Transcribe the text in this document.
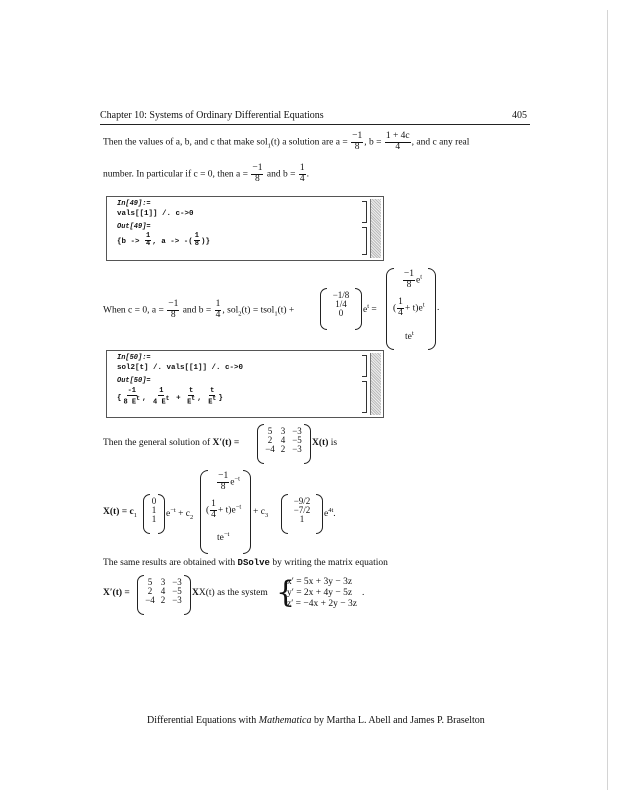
Chapter 10: Systems of Ordinary Differential Equations	405
Then the values of a, b, and c that make sol$_1$(t) a solution are $a = \frac{-1}{8}$ , $b = \frac{1 + 4c}{4}$ , and c any real
number. In particular if c = 0, then $a = \frac{-1}{8}$ and $b = \frac{1}{4}$ .
In[49]:=
vals[[1]] /. c->0
Out[49]=
{$b -> \frac{1}{4}$ , a -> -( $\frac{1}{8}$ )}
When c = 0, $a = \frac{-1}{8}$ and $b = \frac{1}{4}$ , sol$_2$(t) = tsol$_1$(t) +
−1/8
1/4
0	$e^t$ =
$\frac{-1}{8} e^t$
( $\frac{1}{4} + t)e^t$
$te^t$
.
In[50]:=
sol2[t] /. vals[[1]] /. c->0
Out[50]=
{ $\frac{-1}{8 E^t}$ , $\frac{1}{4 E^t} + \frac{t}{E^t}$ , $\frac{t}{E^t}$ }
Then the general solution of X′(t) =
5 3 −3
2 4 −5
−4 2 −3
X(t) is
$X(t) = c_1$
0
1
1 $e^{-t} + c_2$
$\frac{-1}{8} e^{-t}$
( $\frac{1}{4} + t)e^{-t}$
$te^{-t}$
+ $c_3$
−9/2
−7/2
1	$e^{4t}$.
The same results are obtained with DSolve by writing the matrix equation
X′(t) =
5 3 −3
2 4 −5
−4 2 −3
XX(t) as the system {
x′ = 5x + 3y − 3z
y′ = 2x + 4y − 5z
z′ = −4x + 2y − 3z
.
Differential Equations with Mathematica by Martha L. Abell and James P. Braselton
